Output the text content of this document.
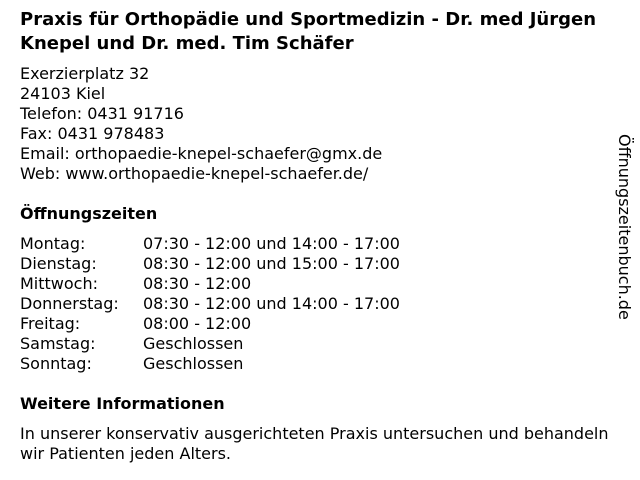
Praxis für Orthopädie und Sportmedizin - Dr. med Jürgen Knepel und Dr. med. Tim Schäfer
Exerzierplatz 32
24103 Kiel
Telefon: 0431 91716
Fax: 0431 978483
Email: orthopaedie-knepel-schaefer@gmx.de
Web: www.orthopaedie-knepel-schaefer.de/
Öffnungszeiten
Montag:	07:30 - 12:00 und 14:00 - 17:00
Dienstag:	08:30 - 12:00 und 15:00 - 17:00
Mittwoch:	08:30 - 12:00
Donnerstag: 08:30 - 12:00 und 14:00 - 17:00
Freitag:	08:00 - 12:00
Samstag:	Geschlossen
Sonntag:	Geschlossen
Weitere Informationen
In unserer konservativ ausgerichteten Praxis untersuchen und behandeln wir Patienten jeden Alters.
Öffnungszeitenbuch.de
